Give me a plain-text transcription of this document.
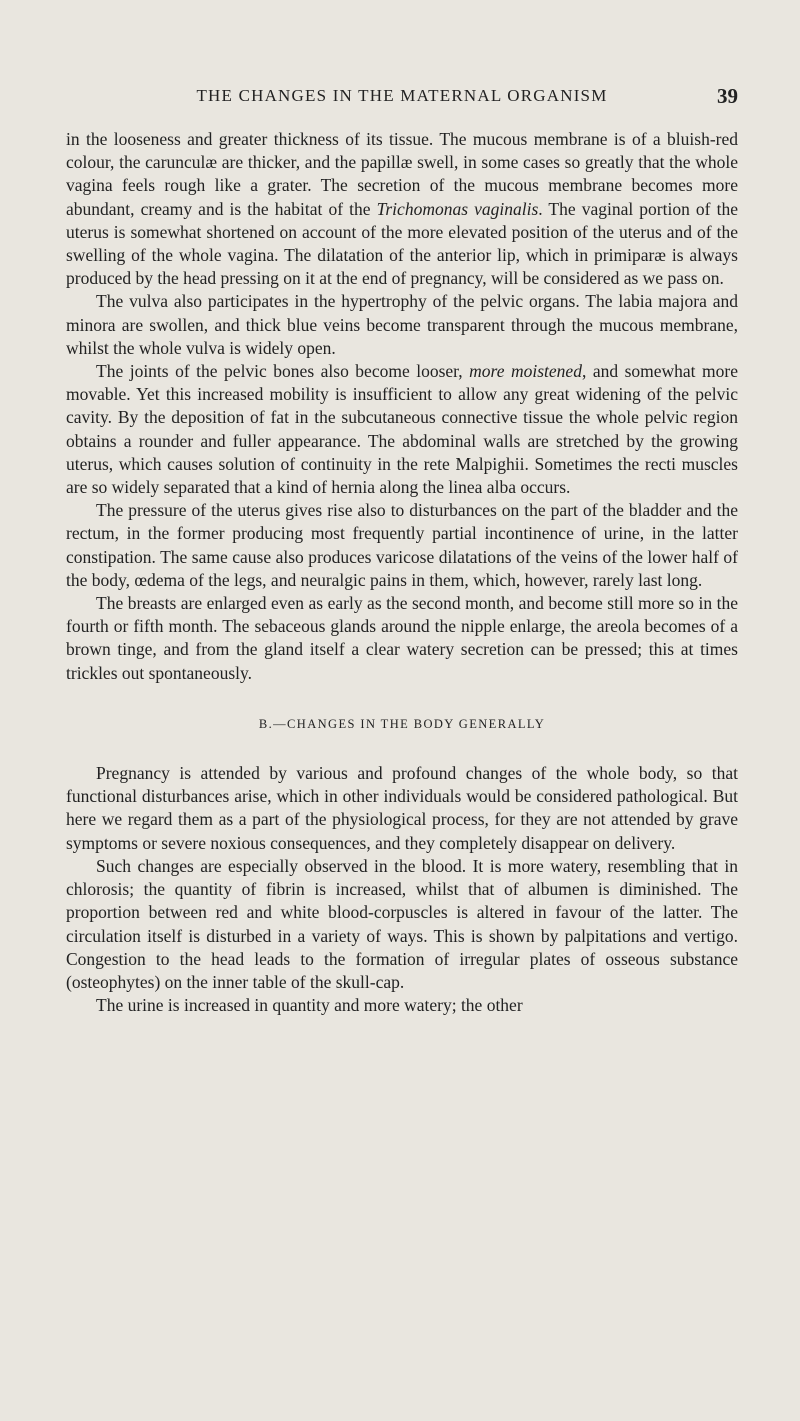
THE CHANGES IN THE MATERNAL ORGANISM	39

in the looseness and greater thickness of its tissue. The mucous membrane is of a bluish-red colour, the carunculæ are thicker, and the papillæ swell, in some cases so greatly that the whole vagina feels rough like a grater. The secretion of the mucous membrane becomes more abundant, creamy and is the habitat of the Trichomonas vaginalis. The vaginal portion of the uterus is somewhat shortened on account of the more elevated position of the uterus and of the swelling of the whole vagina. The dilatation of the anterior lip, which in primiparæ is always produced by the head pressing on it at the end of pregnancy, will be considered as we pass on.

The vulva also participates in the hypertrophy of the pelvic organs. The labia majora and minora are swollen, and thick blue veins become transparent through the mucous membrane, whilst the whole vulva is widely open.

The joints of the pelvic bones also become looser, more moistened, and somewhat more movable. Yet this increased mobility is insufficient to allow any great widening of the pelvic cavity. By the deposition of fat in the subcutaneous connective tissue the whole pelvic region obtains a rounder and fuller appearance. The abdominal walls are stretched by the growing uterus, which causes solution of continuity in the rete Malpighii. Sometimes the recti muscles are so widely separated that a kind of hernia along the linea alba occurs.

The pressure of the uterus gives rise also to disturbances on the part of the bladder and the rectum, in the former producing most frequently partial incontinence of urine, in the latter constipation. The same cause also produces varicose dilatations of the veins of the lower half of the body, œdema of the legs, and neuralgic pains in them, which, however, rarely last long.

The breasts are enlarged even as early as the second month, and become still more so in the fourth or fifth month. The sebaceous glands around the nipple enlarge, the areola becomes of a brown tinge, and from the gland itself a clear watery secretion can be pressed; this at times trickles out spontaneously.

B.—CHANGES IN THE BODY GENERALLY

Pregnancy is attended by various and profound changes of the whole body, so that functional disturbances arise, which in other individuals would be considered pathological. But here we regard them as a part of the physiological process, for they are not attended by grave symptoms or severe noxious consequences, and they completely disappear on delivery.

Such changes are especially observed in the blood. It is more watery, resembling that in chlorosis; the quantity of fibrin is increased, whilst that of albumen is diminished. The proportion between red and white blood-corpuscles is altered in favour of the latter. The circulation itself is disturbed in a variety of ways. This is shown by palpitations and vertigo. Congestion to the head leads to the formation of irregular plates of osseous substance (osteophytes) on the inner table of the skull-cap.

The urine is increased in quantity and more watery; the other
